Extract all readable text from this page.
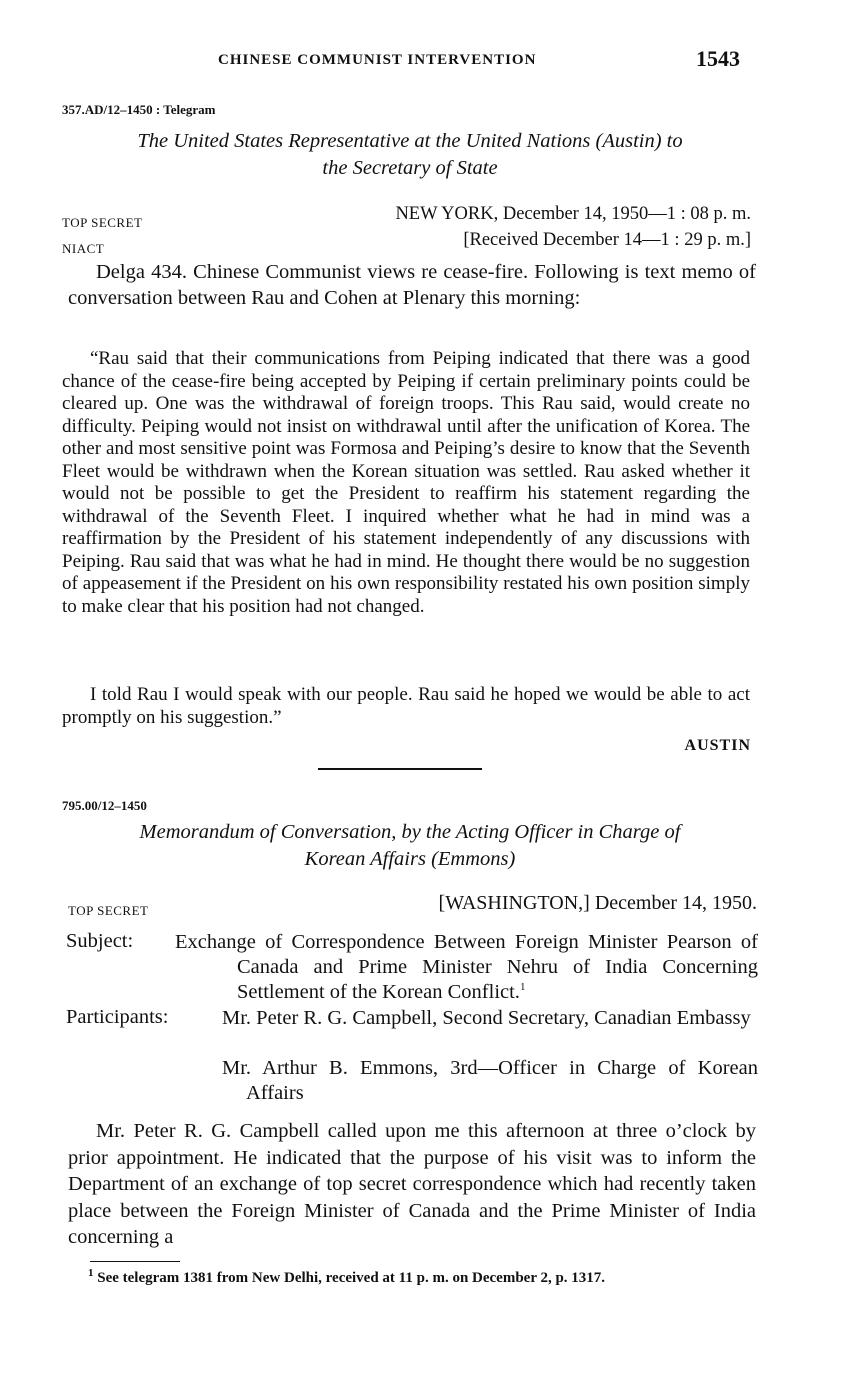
CHINESE COMMUNIST INTERVENTION	1543
357.AD/12–1450 : Telegram
The United States Representative at the United Nations (Austin) to
the Secretary of State
TOP SECRET
NIACT
NEW YORK, December 14, 1950—1 : 08 p. m.
[Received December 14—1 : 29 p. m.]

Delga 434. Chinese Communist views re cease-fire. Following is text memo of conversation between Rau and Cohen at Plenary this morning:

“Rau said that their communications from Peiping indicated that there was a good chance of the cease-fire being accepted by Peiping if certain preliminary points could be cleared up. One was the withdrawal of foreign troops. This Rau said, would create no difficulty. Peiping would not insist on withdrawal until after the unification of Korea. The other and most sensitive point was Formosa and Peiping’s desire to know that the Seventh Fleet would be withdrawn when the Korean situation was settled. Rau asked whether it would not be possible to get the President to reaffirm his statement regarding the withdrawal of the Seventh Fleet. I inquired whether what he had in mind was a reaffirmation by the President of his statement independently of any discussions with Peiping. Rau said that was what he had in mind. He thought there would be no suggestion of appeasement if the President on his own responsibility restated his own position simply to make clear that his position had not changed.

I told Rau I would speak with our people. Rau said he hoped we would be able to act promptly on his suggestion.”

AUSTIN
795.00/12–1450
Memorandum of Conversation, by the Acting Officer in Charge of
Korean Affairs (Emmons)
TOP SECRET	[WASHINGTON,] December 14, 1950.
Subject: Exchange of Correspondence Between Foreign Minister Pearson of Canada and Prime Minister Nehru of India Concerning Settlement of the Korean Conflict.$^1$
Participants:	Mr. Peter R. G. Campbell, Second Secretary, Canadian Embassy
Mr. Arthur B. Emmons, 3rd—Officer in Charge of Korean Affairs

Mr. Peter R. G. Campbell called upon me this afternoon at three o’clock by prior appointment. He indicated that the purpose of his visit was to inform the Department of an exchange of top secret correspondence which had recently taken place between the Foreign Minister of Canada and the Prime Minister of India concerning a

$^1$ See telegram 1381 from New Delhi, received at 11 p. m. on December 2, p. 1317.
